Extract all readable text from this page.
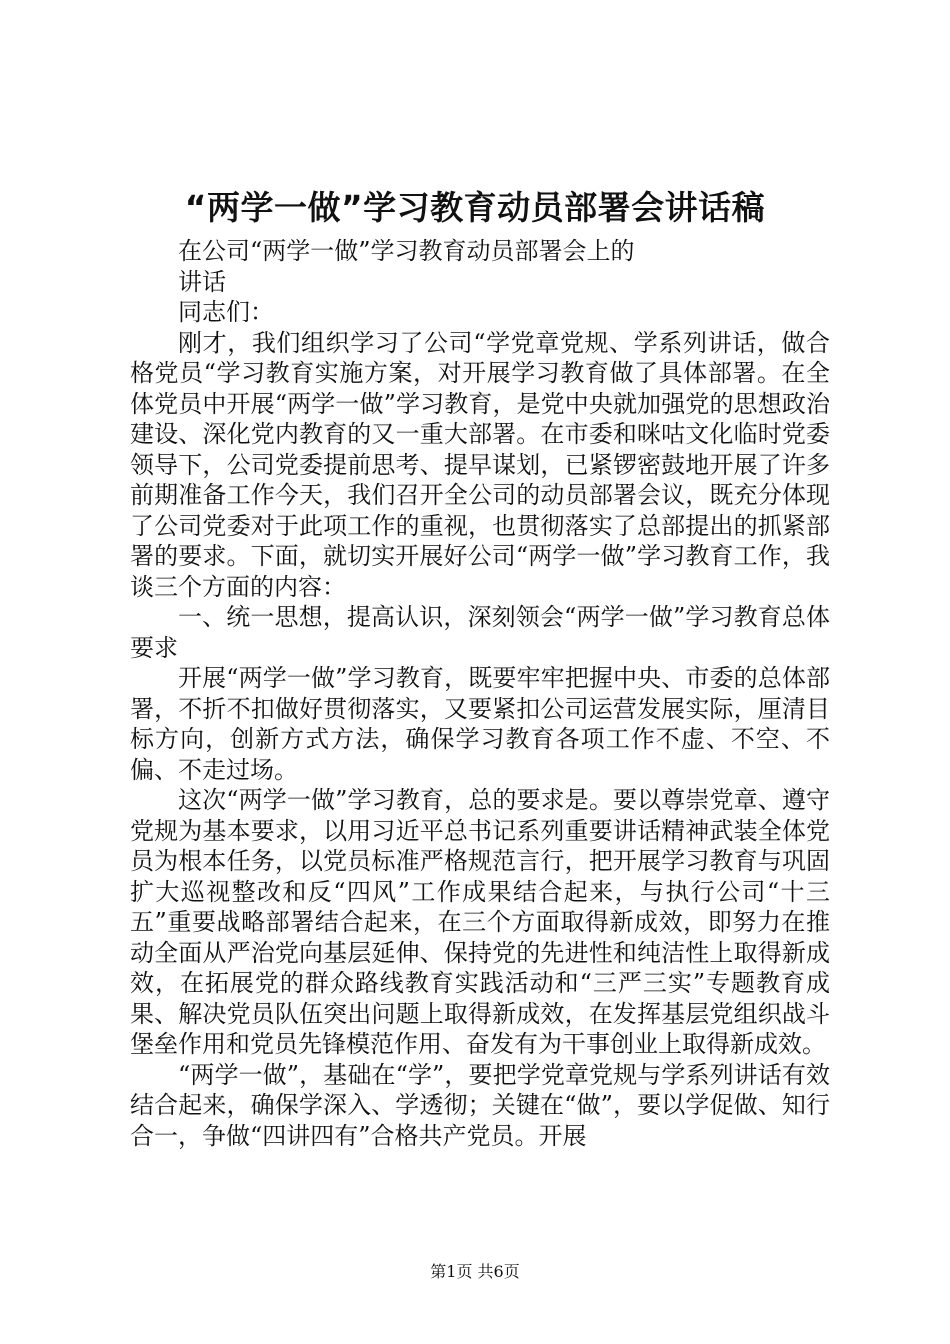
“两学一做”学习教育动员部署会讲话稿

在公司“两学一做”学习教育动员部署会上的

讲话

同志们：

刚才，我们组织学习了公司“学党章党规、学系列讲话，做合格党员“学习教育实施方案，对开展学习教育做了具体部署。在全体党员中开展“两学一做”学习教育，是党中央就加强党的思想政治建设、深化党内教育的又一重大部署。在市委和咪咕文化临时党委领导下，公司党委提前思考、提早谋划，已紧锣密鼓地开展了许多前期准备工作今天，我们召开全公司的动员部署会议，既充分体现了公司党委对于此项工作的重视，也贯彻落实了总部提出的抓紧部署的要求。下面，就切实开展好公司“两学一做”学习教育工作，我谈三个方面的内容：

一、统一思想，提高认识，深刻领会“两学一做”学习教育总体要求

开展“两学一做”学习教育，既要牢牢把握中央、市委的总体部署，不折不扣做好贯彻落实，又要紧扣公司运营发展实际，厘清目标方向，创新方式方法，确保学习教育各项工作不虚、不空、不偏、不走过场。

这次“两学一做”学习教育，总的要求是。要以尊崇党章、遵守党规为基本要求，以用习近平总书记系列重要讲话精神武装全体党员为根本任务，以党员标准严格规范言行，把开展学习教育与巩固扩大巡视整改和反“四风”工作成果结合起来，与执行公司“十三五”重要战略部署结合起来，在三个方面取得新成效，即努力在推动全面从严治党向基层延伸、保持党的先进性和纯洁性上取得新成效，在拓展党的群众路线教育实践活动和“三严三实”专题教育成果、解决党员队伍突出问题上取得新成效，在发挥基层党组织战斗堡垒作用和党员先锋模范作用、奋发有为干事创业上取得新成效。

“两学一做”，基础在“学”，要把学党章党规与学系列讲话有效结合起来，确保学深入、学透彻；关键在“做”，要以学促做、知行合一，争做“四讲四有”合格共产党员。开展

第1页 共6页
